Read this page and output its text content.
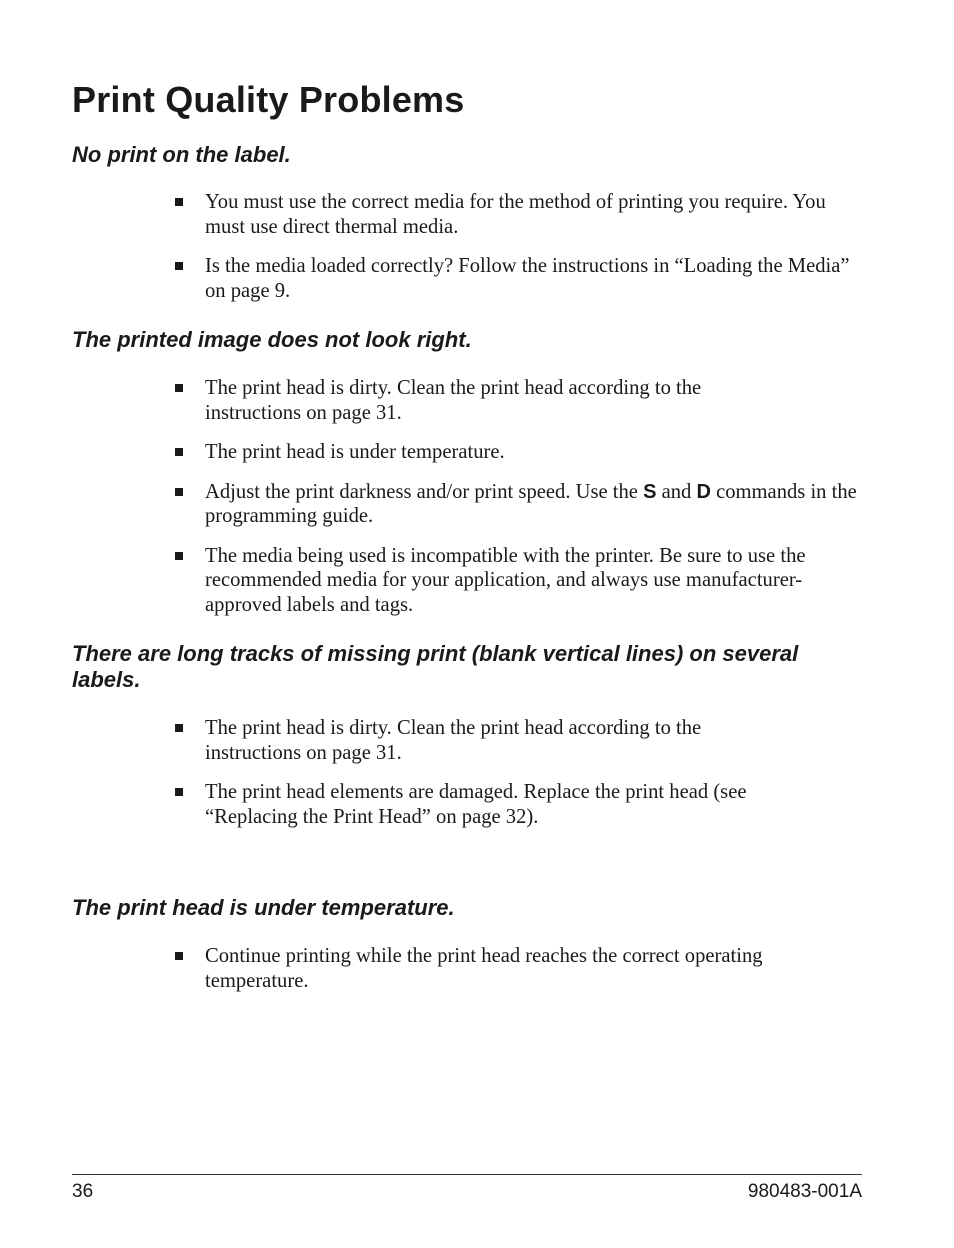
Print Quality Problems
No print on the label.
You must use the correct media for the method of printing you require. You must use direct thermal media.
Is the media loaded correctly? Follow the instructions in “Loading the Media” on page 9.
The printed image does not look right.
The print head is dirty. Clean the print head according to the instructions on page 31.
The print head is under temperature.
Adjust the print darkness and/or print speed. Use the S and D commands in the programming guide.
The media being used is incompatible with the printer. Be sure to use the recommended media for your application, and always use manufacturer-approved labels and tags.
There are long tracks of missing print (blank vertical lines) on several labels.
The print head is dirty. Clean the print head according to the instructions on page 31.
The print head elements are damaged. Replace the print head (see “Replacing the Print Head” on page 32).
The print head is under temperature.
Continue printing while the print head reaches the correct operating temperature.
36	980483-001A
